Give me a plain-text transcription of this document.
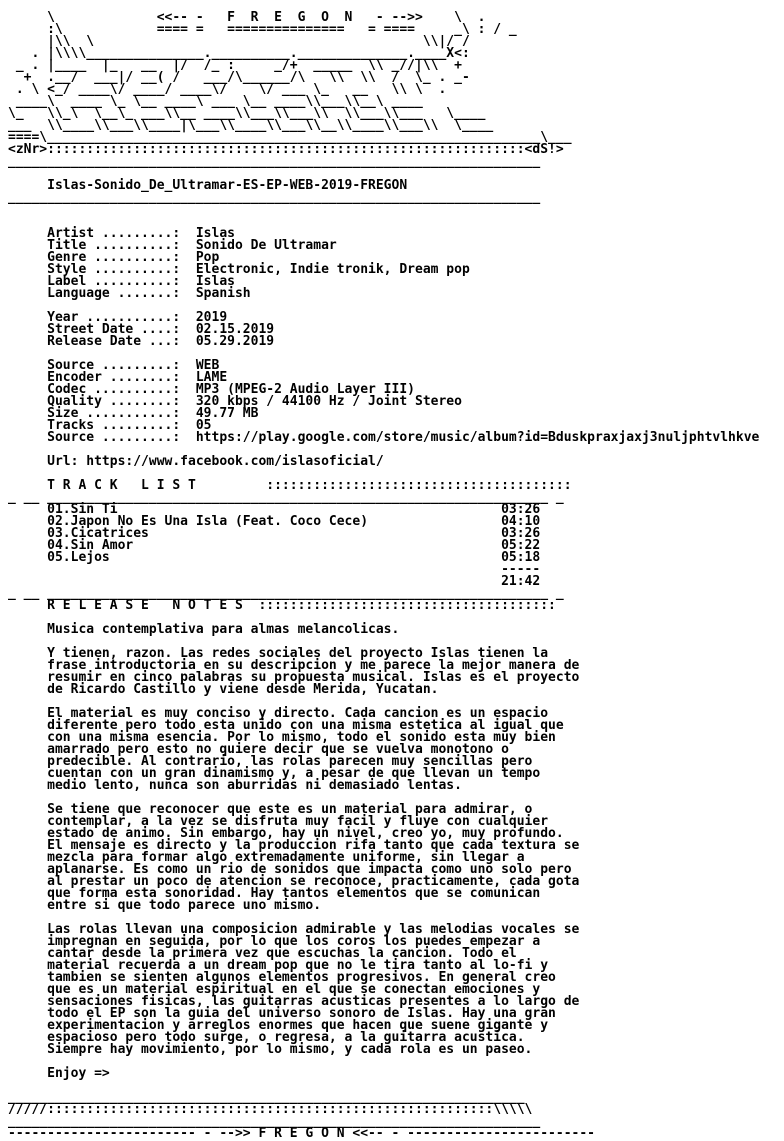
\             <<-- -   F  R  E  G  O  N   - -->>    \  .
:\            ==== =   ===============   = ====     _\ : / _
|\\  \                                          \\|/ /
. |\\\\_______________.__________.______________.____X<:
_ . |____  |_   __  |/  /_ :     _/+  _____  \\ _//|\\  +
+  .__/  ___|/ __( /   ___/\______/\   \\  \\  /  \_ . _-
. \ <_/ ____\/ ____/ ____\/    \/ ___ \_   __   \\ \  .
____\  ____ \_ \__ ____\ ___ \__ ____\\___\\__\ ____
\_   \\_\  \__\_ ___\\__ ____\\___\\___\\  \\___\\___   \____
___  \\____\\___\\____|\___\\____\\___\\__\\____\\___\\  \____
====\_______________________________________________________________\___
<zNr>:::::::::::::::::::::::::::::::::::::::::::::::::::::::::::::<dS!>
____________________________________________________________________

Islas-Sonido_De_Ultramar-ES-EP-WEB-2019-FREGON
____________________________________________________________________

Artist .........:  Islas
Title ..........:  Sonido De Ultramar
Genre ..........:  Pop
Style ..........:  Electronic, Indie tronik, Dream pop
Label ..........:  Islas
Language .......:  Spanish

Year ...........:  2019
Street Date ....:  02.15.2019
Release Date ...:  05.29.2019

Source .........:  WEB
Encoder ........:  LAME
Codec ..........:  MP3 (MPEG-2 Audio Layer III)
Quality ........:  320 kbps / 44100 Hz / Joint Stereo
Size ...........:  49.77 MB
Tracks .........:  05
Source .........:  https://play.google.com/store/music/album?id=Bduskpraxjaxj3nuljphtvlhkve

Url: https://www.facebook.com/islasoficial/

T R A C K   L I S T         :::::::::::::::::::::::::::::::::::::::
_ __ ________________________________________________________________ _
01.Sin Ti                                                 03:26
02.Japon No Es Una Isla (Feat. Coco Cece)                 04:10
03.Cicatrices                                             03:26
04.Sin Amor                                               05:22
05.Lejos                                                  05:18
-----
21:42
_ __ ________________________________________________________________ _
R E L E A S E   N O T E S  ::::::::::::::::::::::::::::::::::::::

Musica contemplativa para almas melancolicas.

Y tienen, razon. Las redes sociales del proyecto Islas tienen la
frase introductoria en su descripcion y me parece la mejor manera de
resumir en cinco palabras su propuesta musical. Islas es el proyecto
de Ricardo Castillo y viene desde Merida, Yucatan.

El material es muy conciso y directo. Cada cancion es un espacio
diferente pero todo esta unido con una misma estetica al igual que
con una misma esencia. Por lo mismo, todo el sonido esta muy bien
amarrado pero esto no quiere decir que se vuelva monotono o
predecible. Al contrario, las rolas parecen muy sencillas pero
cuentan con un gran dinamismo y, a pesar de que llevan un tempo
medio lento, nunca son aburridas ni demasiado lentas.

Se tiene que reconocer que este es un material para admirar, o
contemplar, a la vez se disfruta muy facil y fluye con cualquier
estado de animo. Sin embargo, hay un nivel, creo yo, muy profundo.
El mensaje es directo y la produccion rifa tanto que cada textura se
mezcla para formar algo extremadamente uniforme, sin llegar a
aplanarse. Es como un rio de sonidos que impacta como uno solo pero
al prestar un poco de atencion se reconoce, practicamente, cada gota
que forma esta sonoridad. Hay tantos elementos que se comunican
entre si que todo parece uno mismo.

Las rolas llevan una composicion admirable y las melodias vocales se
impregnan en seguida, por lo que los coros los puedes empezar a
cantar desde la primera vez que escuchas la cancion. Todo el
material recuerda a un dream pop que no le tira tanto al lo-fi y
tambien se sienten algunos elementos progresivos. En general creo
que es un material espiritual en el que se conectan emociones y
sensaciones fisicas, las guitarras acusticas presentes a lo largo de
todo el EP son la guia del universo sonoro de Islas. Hay una gran
experimentacion y arreglos enormes que hacen que suene gigante y
espacioso pero todo surge, o regresa, a la guitarra acustica.
Siempre hay movimiento, por lo mismo, y cada rola es un paseo.

Enjoy =>

__________________________________________________________________
/////:::::::::::::::::::::::::::::::::::::::::::::::::::::::::\\\\\
____________________________________________________________________
------------------------ - -->> F R E G O N <<-- - ------------------------
